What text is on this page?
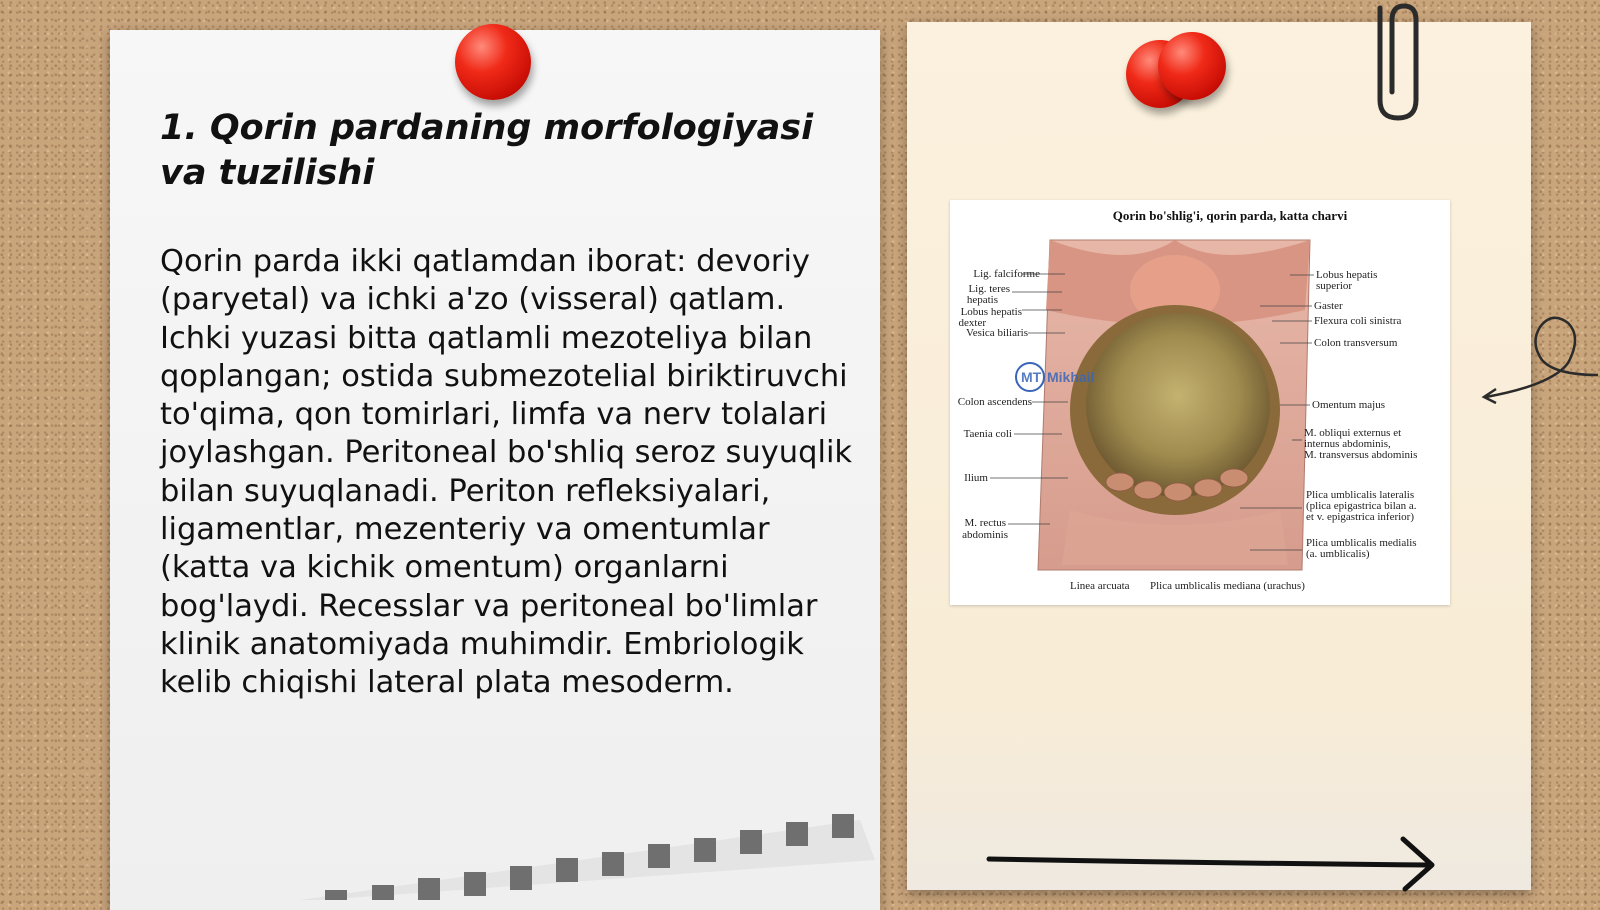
1. Qorin pardaning morfologiyasi va tuzilishi

Qorin parda ikki qatlamdan iborat: devoriy (paryetal) va ichki a'zo (visseral) qatlam. Ichki yuzasi bitta qatlamli mezoteliya bilan qoplangan; ostida submezotelial biriktiruvchi to'qima, qon tomirlari, limfa va nerv tolalari joylashgan. Peritoneal bo'shliq seroz suyuqlik bilan suyuqlanadi. Periton refleksiyalari, ligamentlar, mezenteriy va omentumlar (katta va kichik omentum) organlarni bog'laydi. Recesslar va peritoneal bo'limlar klinik anatomiyada muhimdir. Embriologik kelib chiqishi lateral plata mesoderm.

Qorin bo'shlig'i, qorin parda, katta charvi
MT Mikhail
Lig. falciforme
Lig. teres
hepatis
Lobus hepatis
dexter
Vesica biliaris
Colon ascendens
Taenia coli
Ilium
M. rectus
abdominis
Lobus hepatis
superior
Gaster
Flexura coli sinistra
Colon transversum
Omentum majus
M. obliqui externus et
internus abdominis,
M. transversus abdominis
Plica umblicalis lateralis
(plica epigastrica bilan a.
et v. epigastrica inferior)
Plica umblicalis medialis
(a. umblicalis)
Linea arcuata Plica umblicalis mediana (urachus)
